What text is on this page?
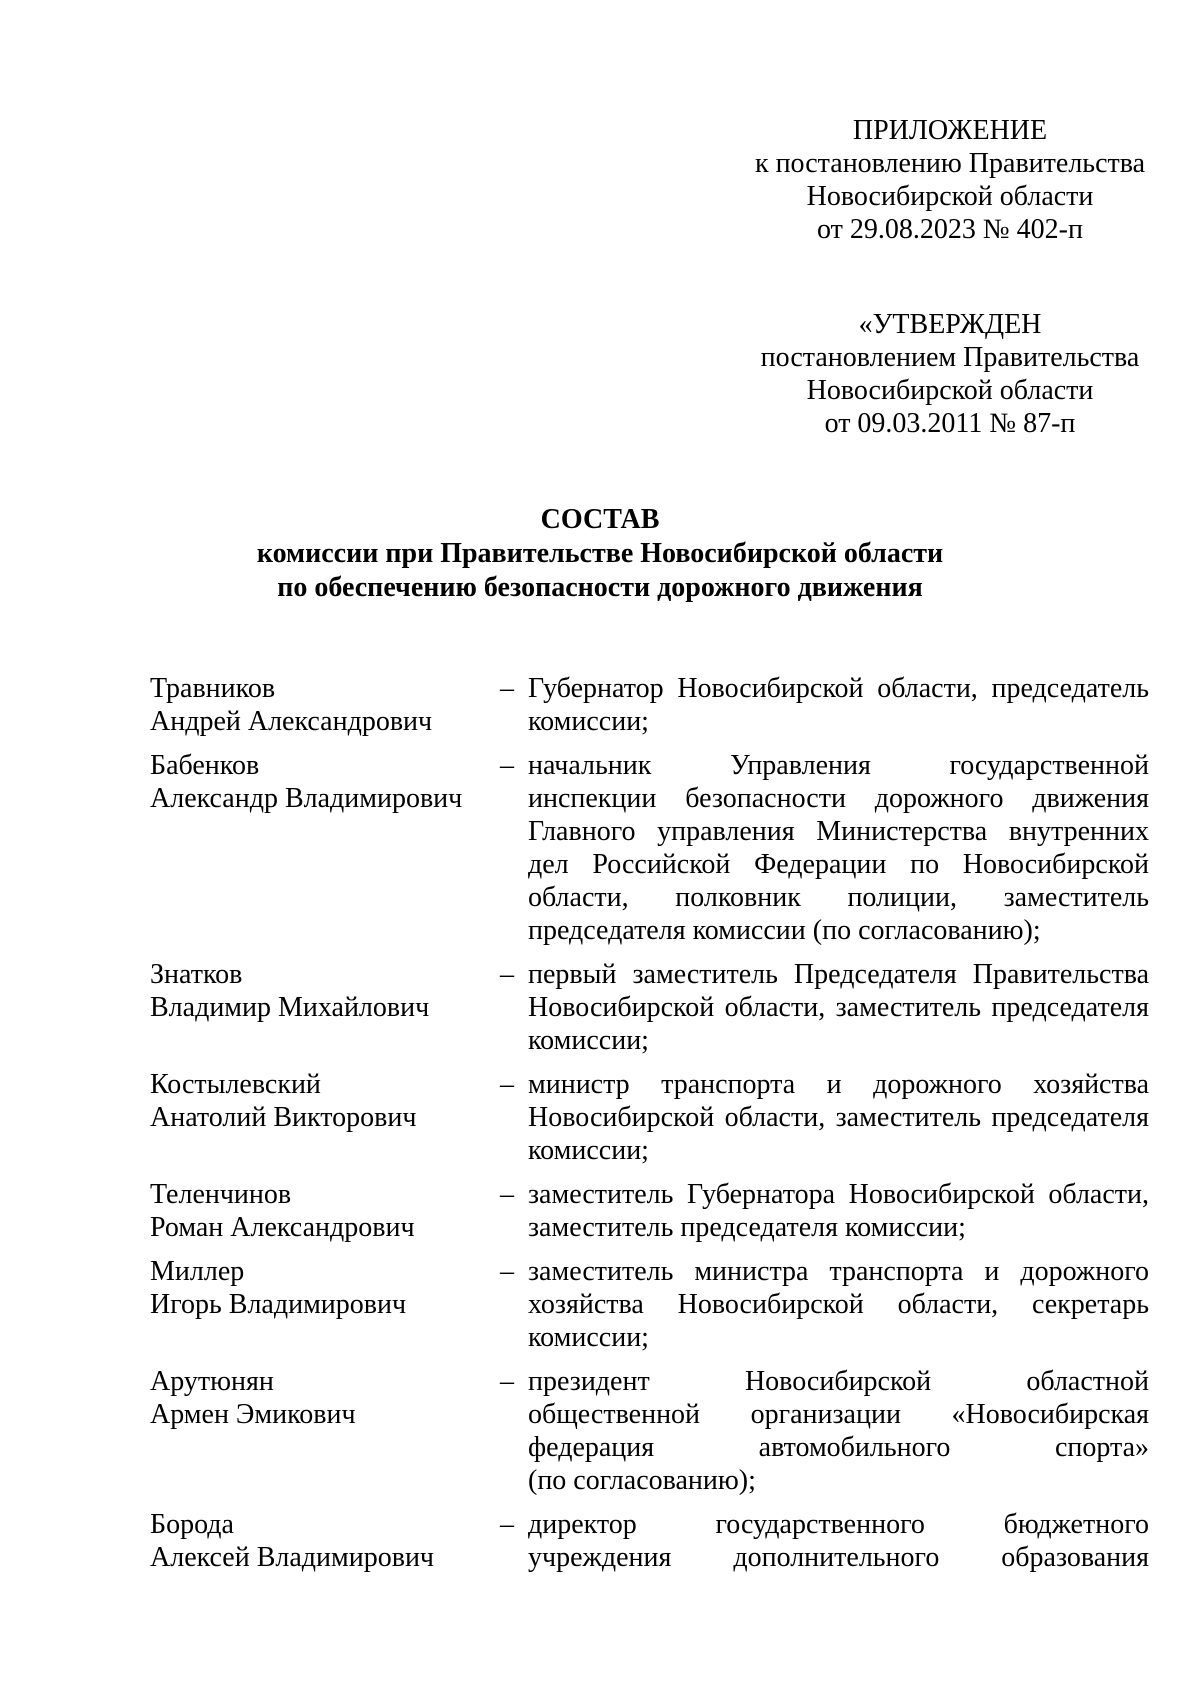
ПРИЛОЖЕНИЕ
к постановлению Правительства
Новосибирской области
от 29.08.2023 № 402-п
«УТВЕРЖДЕН
постановлением Правительства
Новосибирской области
от 09.03.2011 № 87-п
СОСТАВ
комиссии при Правительстве Новосибирской области
по обеспечению безопасности дорожного движения
Травников
Андрей Александрович
– Губернатор Новосибирской области, председатель
комиссии;
Бабенков
Александр Владимирович
– начальник Управления государственной
инспекции безопасности дорожного движения
Главного управления Министерства внутренних
дел Российской Федерации по Новосибирской
области, полковник полиции, заместитель
председателя комиссии (по согласованию);
Знатков
Владимир Михайлович
– первый заместитель Председателя Правительства
Новосибирской области, заместитель председателя
комиссии;
Костылевский
Анатолий Викторович
– министр транспорта и дорожного хозяйства
Новосибирской области, заместитель председателя
комиссии;
Теленчинов
Роман Александрович
– заместитель Губернатора Новосибирской области,
заместитель председателя комиссии;
Миллер
Игорь Владимирович
– заместитель министра транспорта и дорожного
хозяйства Новосибирской области, секретарь
комиссии;
Арутюнян
Армен Эмикович
– президент Новосибирской областной
общественной организации «Новосибирская
федерация автомобильного спорта»
(по согласованию);
Борода
Алексей Владимирович
– директор государственного бюджетного
учреждения дополнительного образования
